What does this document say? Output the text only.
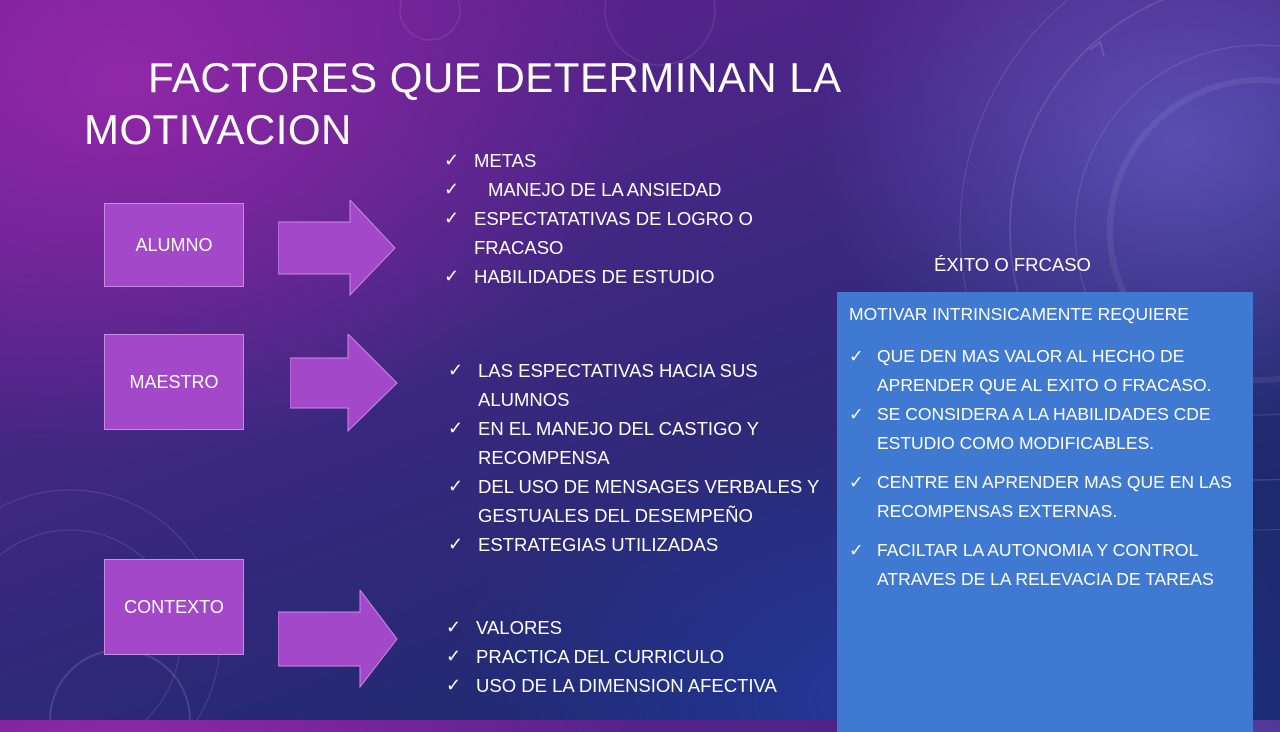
FACTORES QUE DETERMINAN LA
MOTIVACION
ALUMNO
✓ METAS
✓ MANEJO DE LA ANSIEDAD
✓ ESPECTATATIVAS DE LOGRO O FRACASO
✓ HABILIDADES DE ESTUDIO
MAESTRO
✓ LAS ESPECTATIVAS HACIA SUS ALUMNOS
✓ EN EL MANEJO DEL CASTIGO Y RECOMPENSA
✓ DEL USO DE MENSAGES VERBALES Y GESTUALES DEL DESEMPEÑO
✓ ESTRATEGIAS UTILIZADAS
CONTEXTO
✓ VALORES
✓ PRACTICA DEL CURRICULO
✓ USO DE LA DIMENSION AFECTIVA
ÉXITO O FRCASO
MOTIVAR INTRINSICAMENTE REQUIERE
✓ QUE DEN MAS VALOR AL HECHO DE APRENDER QUE AL EXITO O FRACASO.
✓ SE CONSIDERA A LA HABILIDADES CDE ESTUDIO COMO MODIFICABLES.
✓ CENTRE EN APRENDER MAS QUE EN LAS RECOMPENSAS EXTERNAS.
✓ FACILTAR LA AUTONOMIA Y CONTROL ATRAVES DE LA RELEVACIA DE TAREAS
